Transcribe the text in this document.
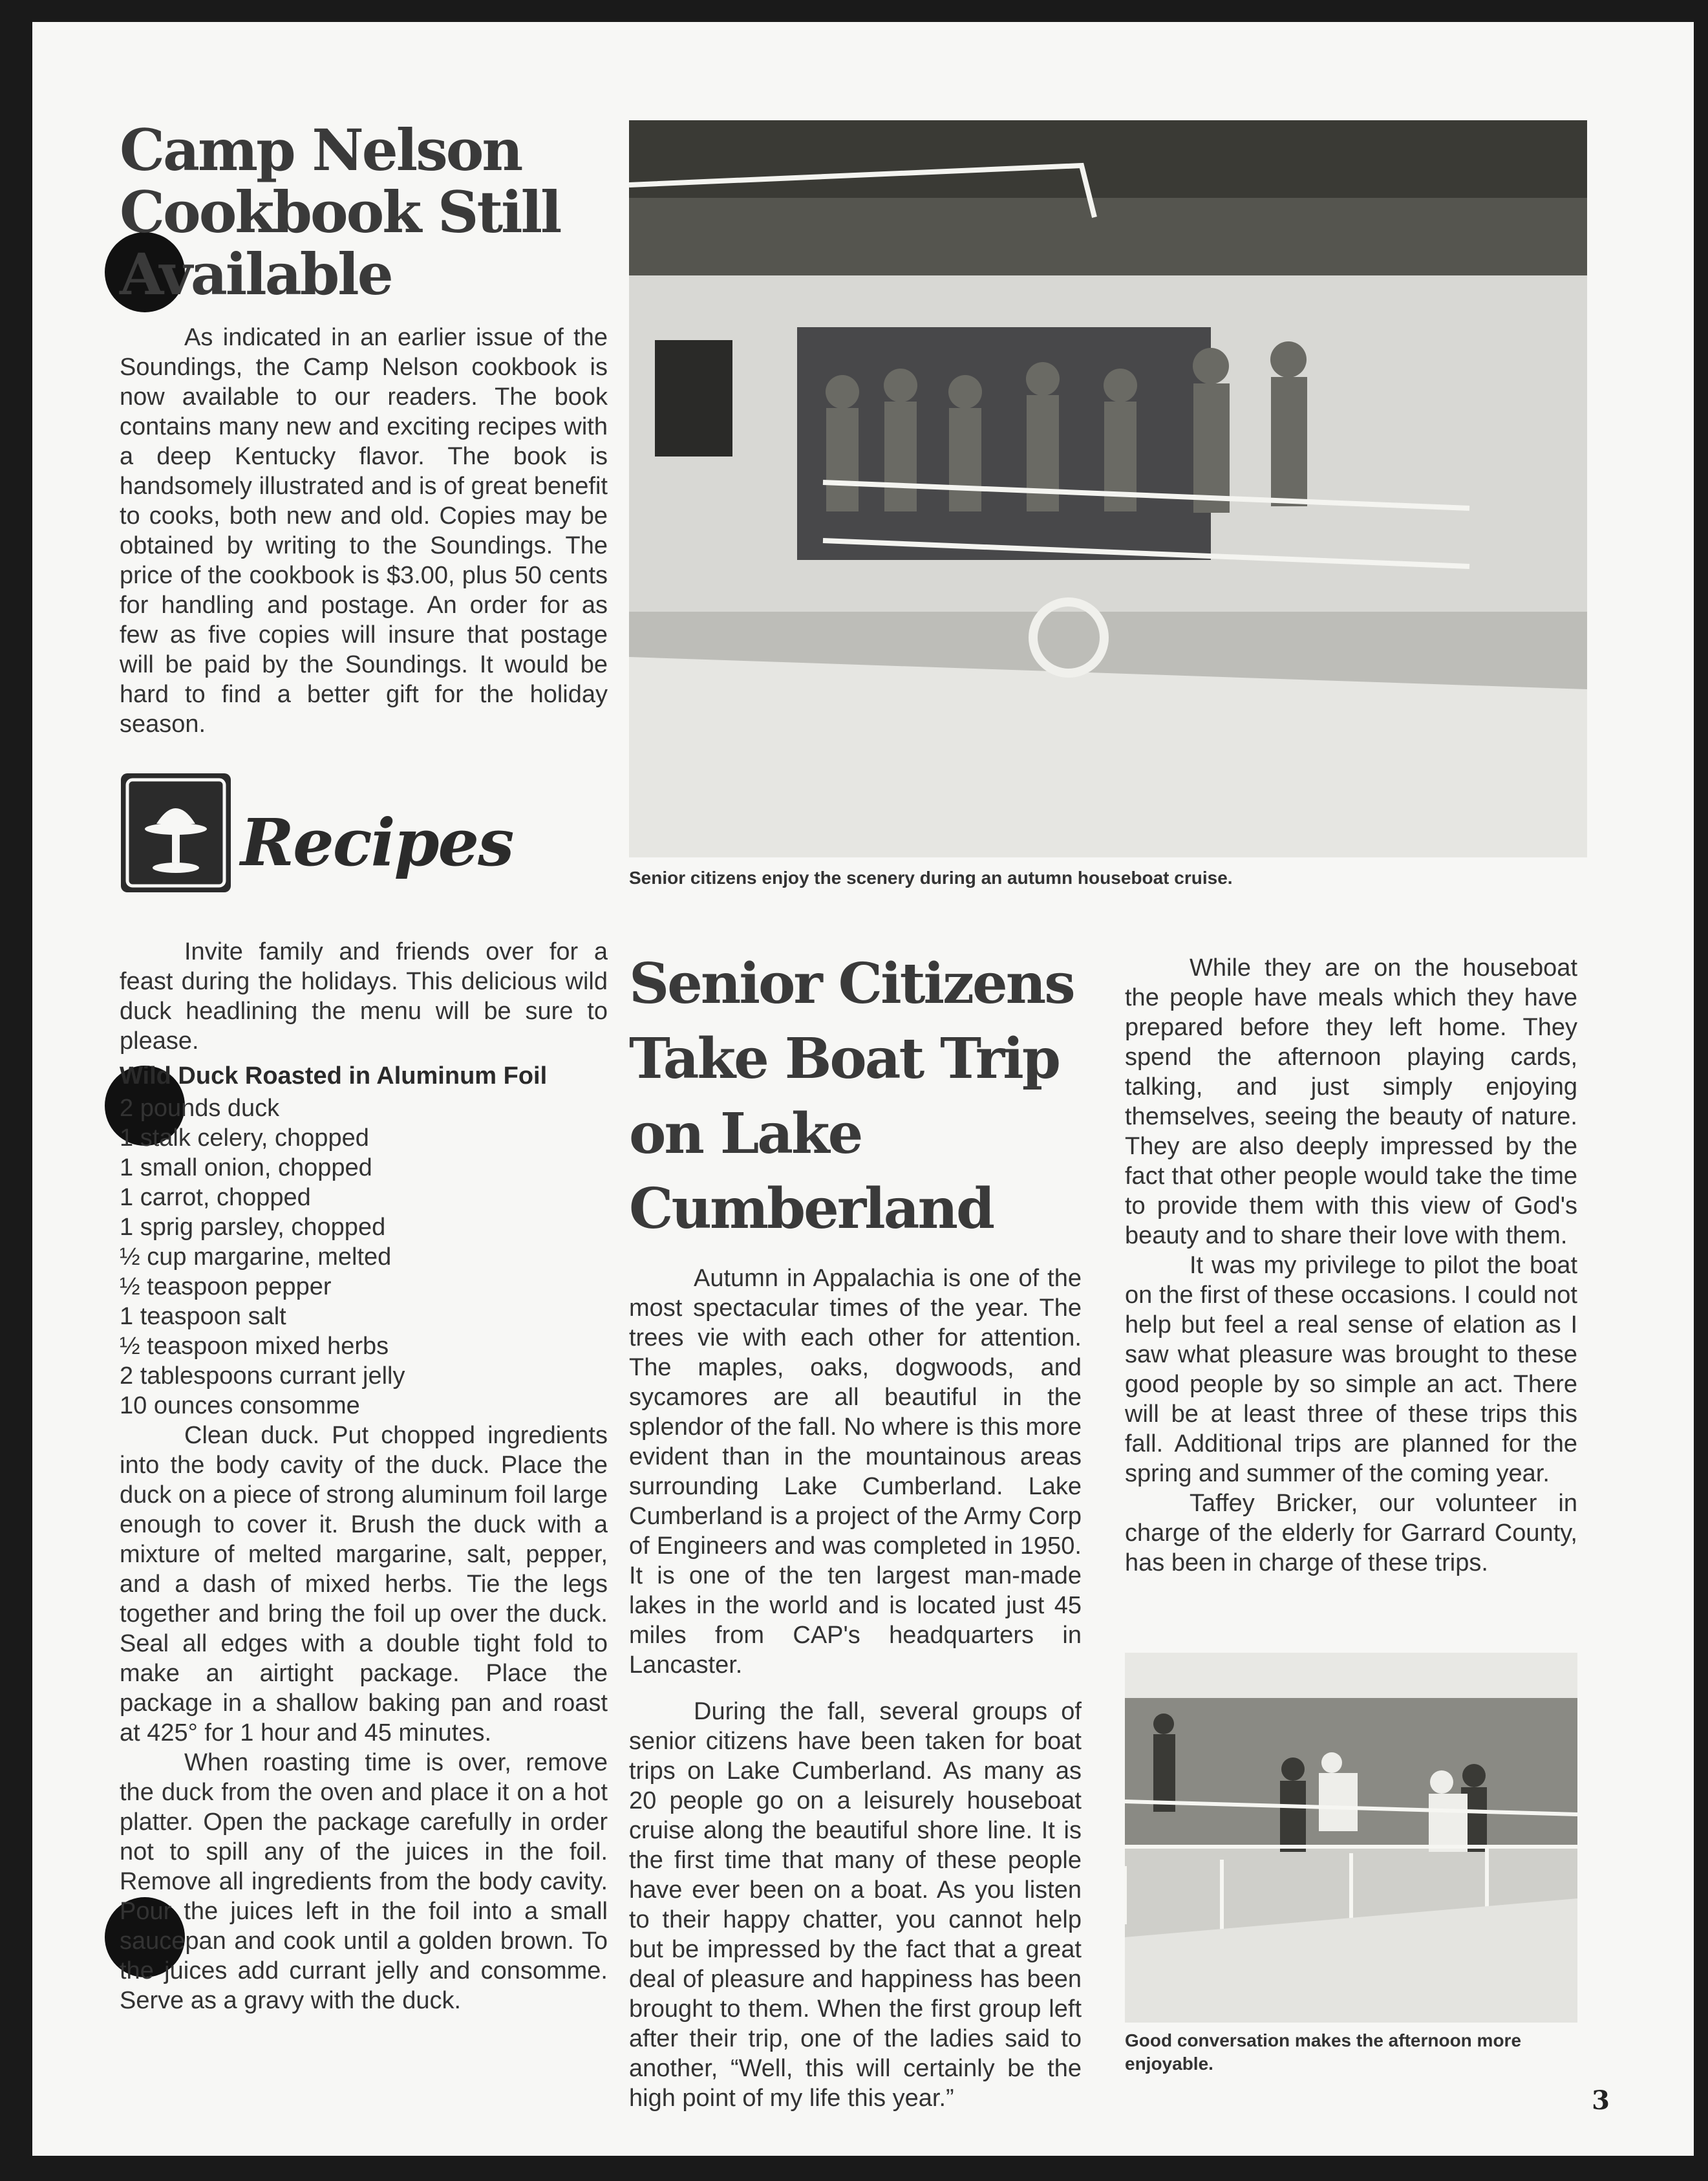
Camp Nelson
Cookbook Still
Available

As indicated in an earlier issue of the Soundings, the Camp Nelson cookbook is now available to our readers. The book contains many new and exciting recipes with a deep Kentucky flavor. The book is handsomely illustrated and is of great benefit to cooks, both new and old. Copies may be obtained by writing to the Soundings. The price of the cookbook is $3.00, plus 50 cents for handling and postage. An order for as few as five copies will insure that postage will be paid by the Soundings. It would be hard to find a better gift for the holiday season.

Recipes

Invite family and friends over for a feast during the holidays. This delicious wild duck headlining the menu will be sure to please.

Wild Duck Roasted in Aluminum Foil
2 pounds duck
1 stalk celery, chopped
1 small onion, chopped
1 carrot, chopped
1 sprig parsley, chopped
½ cup margarine, melted
½ teaspoon pepper
1 teaspoon salt
½ teaspoon mixed herbs
2 tablespoons currant jelly
10 ounces consomme

Clean duck. Put chopped ingredients into the body cavity of the duck. Place the duck on a piece of strong aluminum foil large enough to cover it. Brush the duck with a mixture of melted margarine, salt, pepper, and a dash of mixed herbs. Tie the legs together and bring the foil up over the duck. Seal all edges with a double tight fold to make an airtight package. Place the package in a shallow baking pan and roast at 425° for 1 hour and 45 minutes.

When roasting time is over, remove the duck from the oven and place it on a hot platter. Open the package carefully in order not to spill any of the juices in the foil. Remove all ingredients from the body cavity. Pour the juices left in the foil into a small saucepan and cook until a golden brown. To the juices add currant jelly and consomme. Serve as a gravy with the duck.

Senior citizens enjoy the scenery during an autumn houseboat cruise.
Senior Citizens
Take Boat Trip
on Lake
Cumberland

Autumn in Appalachia is one of the most spectacular times of the year. The trees vie with each other for attention. The maples, oaks, dogwoods, and sycamores are all beautiful in the splendor of the fall. No where is this more evident than in the mountainous areas surrounding Lake Cumberland. Lake Cumberland is a project of the Army Corp of Engineers and was completed in 1950. It is one of the ten largest man-made lakes in the world and is located just 45 miles from CAP's headquarters in Lancaster.

During the fall, several groups of senior citizens have been taken for boat trips on Lake Cumberland. As many as 20 people go on a leisurely houseboat cruise along the beautiful shore line. It is the first time that many of these people have ever been on a boat. As you listen to their happy chatter, you cannot help but be impressed by the fact that a great deal of pleasure and happiness has been brought to them. When the first group left after their trip, one of the ladies said to another, “Well, this will certainly be the high point of my life this year.”

While they are on the houseboat the people have meals which they have prepared before they left home. They spend the afternoon playing cards, talking, and just simply enjoying themselves, seeing the beauty of nature. They are also deeply impressed by the fact that other people would take the time to provide them with this view of God's beauty and to share their love with them.

It was my privilege to pilot the boat on the first of these occasions. I could not help but feel a real sense of elation as I saw what pleasure was brought to these good people by so simple an act. There will be at least three of these trips this fall. Additional trips are planned for the spring and summer of the coming year.

Taffey Bricker, our volunteer in charge of the elderly for Garrard County, has been in charge of these trips.

Good conversation makes the afternoon more enjoyable.
3
